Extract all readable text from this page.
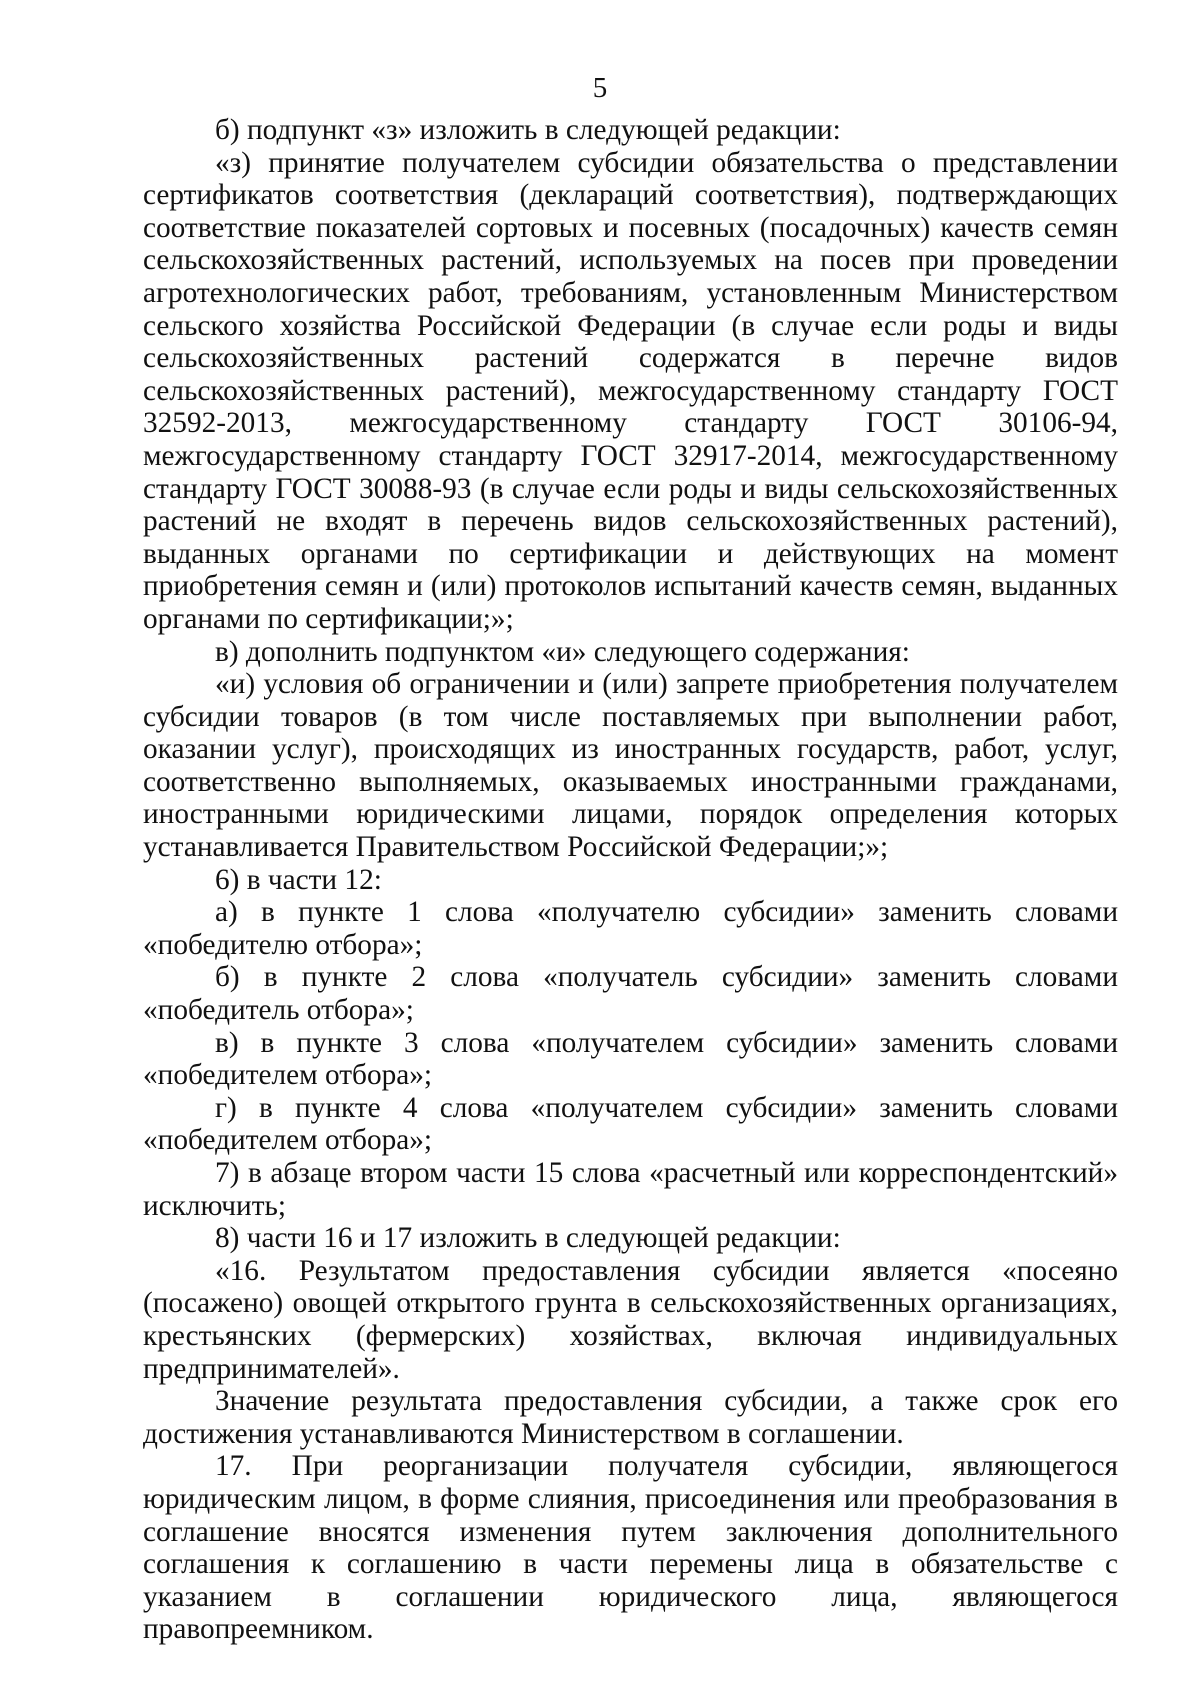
5

б) подпункт «з» изложить в следующей редакции:

«з) принятие получателем субсидии обязательства о представлении сертификатов соответствия (деклараций соответствия), подтверждающих соответствие показателей сортовых и посевных (посадочных) качеств семян сельскохозяйственных растений, используемых на посев при проведении агротехнологических работ, требованиям, установленным Министерством сельского хозяйства Российской Федерации (в случае если роды и виды сельскохозяйственных растений содержатся в перечне видов сельскохозяйственных растений), межгосударственному стандарту ГОСТ 32592-2013, межгосударственному стандарту ГОСТ 30106-94, межгосударственному стандарту ГОСТ 32917-2014, межгосударственному стандарту ГОСТ 30088-93 (в случае если роды и виды сельскохозяйственных растений не входят в перечень видов сельскохозяйственных растений), выданных органами по сертификации и действующих на момент приобретения семян и (или) протоколов испытаний качеств семян, выданных органами по сертификации;»;

в) дополнить подпунктом «и» следующего содержания:

«и) условия об ограничении и (или) запрете приобретения получателем субсидии товаров (в том числе поставляемых при выполнении работ, оказании услуг), происходящих из иностранных государств, работ, услуг, соответственно выполняемых, оказываемых иностранными гражданами, иностранными юридическими лицами, порядок определения которых устанавливается Правительством Российской Федерации;»;

6) в части 12:

а) в пункте 1 слова «получателю субсидии» заменить словами «победителю отбора»;

б) в пункте 2 слова «получатель субсидии» заменить словами «победитель отбора»;

в) в пункте 3 слова «получателем субсидии» заменить словами «победителем отбора»;

г) в пункте 4 слова «получателем субсидии» заменить словами «победителем отбора»;

7) в абзаце втором части 15 слова «расчетный или корреспондентский» исключить;

8) части 16 и 17 изложить в следующей редакции:

«16. Результатом предоставления субсидии является «посеяно (посажено) овощей открытого грунта в сельскохозяйственных организациях, крестьянских (фермерских) хозяйствах, включая индивидуальных предпринимателей».

Значение результата предоставления субсидии, а также срок его достижения устанавливаются Министерством в соглашении.

17. При реорганизации получателя субсидии, являющегося юридическим лицом, в форме слияния, присоединения или преобразования в соглашение вносятся изменения путем заключения дополнительного соглашения к соглашению в части перемены лица в обязательстве с указанием в соглашении юридического лица, являющегося правопреемником.
